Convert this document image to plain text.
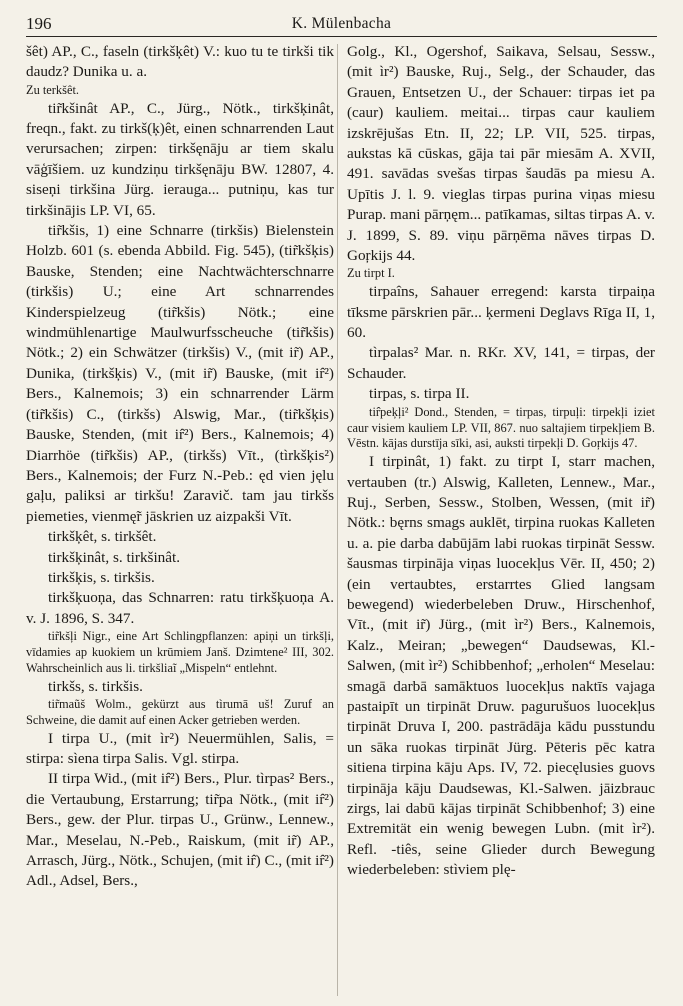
196	K. Mülenbacha

šêt) AP., C., faseln (tirkšķêt) V.: kuo tu te tirkši tik daudz? Dunika u. a.

Zu terkšêt.

tir̃kšinât AP., C., Jürg., Nötk., tirkšķinât, freqn., fakt. zu tirkš(ķ)êt, einen schnarrenden Laut verursachen; zirpen: tirkšęnāju ar tiem skalu vāģīšiem. uz kundziņu tirkšęnāju BW. 12807, 4. siseņi tirkšina Jürg. ierauga... putniņu, kas tur tirkšinājis LP. VI, 65.

tir̃kšis, 1) eine Schnarre (tirkšis) Bielenstein Holzb. 601 (s. ebenda Abbild. Fig. 545), (tir̃kšķis) Bauske, Stenden; eine Nachtwächterschnarre (tirkšis) U.; eine Art schnarrendes Kinderspielzeug (tir̃kšis) Nötk.; eine windmühlenartige Maulwurfsscheuche (tir̃kšis) Nötk.; 2) ein Schwätzer (tirkšis) V., (mit ir̃) AP., Dunika, (tirkšķis) V., (mit ir̃) Bauske, (mit ir̂²) Bers., Kalnemois; 3) ein schnarrender Lärm (tir̃kšis) C., (tirkšs) Alswig, Mar., (tir̃kšķis) Bauske, Stenden, (mit ir̂²) Bers., Kalnemois; 4) Diarrhöe (tir̃kšis) AP., (tirkšs) Vīt., (tìrkšķis²) Bers., Kalnemois; der Furz N.-Peb.: ęd vien jęlu gaļu, paliksi ar tirkšu! Zaravič. tam jau tirkšs piemeties, vienmę̃r jāskrien uz aizpakši Vīt.

tirkšķêt, s. tirkšêt.

tirkšķinât, s. tirkšinât.

tirkšķis, s. tirkšis.

tirkšķuoņa, das Schnarren: ratu tirkšķuoņa A. v. J. 1896, S. 347.

tir̃kšļi Nigr., eine Art Schlingpflanzen: apiņi un tirkšļi, vīdamies ap kuokiem un krūmiem Janš. Dzimtene² III, 302. Wahrscheinlich aus li. tirkšliaĩ „Mispeln“ entlehnt.

tirkšs, s. tirkšis.

tir̃maũš Wolm., gekürzt aus tìrumā uš! Zuruf an Schweine, die damit auf einen Acker getrieben werden.

I tirpa U., (mit ìr²) Neuermühlen, Salis, = stirpa: sìena tirpa Salis. Vgl. stirpa.

II tirpa Wid., (mit ir̂²) Bers., Plur. tìrpas² Bers., die Vertaubung, Erstarrung; tir̃pa Nötk., (mit ir̂²) Bers., gew. der Plur. tirpas U., Grünw., Lennew., Mar., Meselau, N.-Peb., Raiskum, (mit ir̃) AP., Arrasch, Jürg., Nötk., Schujen, (mit ir̂) C., (mit ir̂²) Adl., Adsel, Bers.,

Golg., Kl., Ogershof, Saikava, Selsau, Sessw., (mit ìr²) Bauske, Ruj., Selg., der Schauder, das Grauen, Entsetzen U., der Schauer: tirpas iet pa (caur) kauliem. meitai... tirpas caur kauliem izskrējušas Etn. II, 22; LP. VII, 525. tirpas, aukstas kā cūskas, gāja tai pār miesām A. XVII, 491. savādas svešas tirpas šaudās pa miesu A. Upītis J. l. 9. vieglas tirpas purina viņas miesu Purap. mani pārņęm... patīkamas, siltas tirpas A. v. J. 1899, S. 89. viņu pārņēma nāves tirpas D. Goŗkijs 44.

Zu tirpt I.

tirpaîns, Sahauer erregend: karsta tirpaiņa tīksme pārskrien pār... ķermeni Deglavs Rīga II, 1, 60.

tìrpalas² Mar. n. RKr. XV, 141, = tirpas, der Schauder.

tirpas, s. tirpa II.

tir̂peķļi² Dond., Stenden, = tirpas, tirpuļi: tirpekļi iziet caur visiem kauliem LP. VII, 867. nuo saltajiem tirpekļiem B. Vēstn. kājas durstīja sīki, asi, auksti tirpekļi D. Goŗkijs 47.

I tirpinât, 1) fakt. zu tirpt I, starr machen, vertauben (tr.) Alswig, Kalleten, Lennew., Mar., Ruj., Serben, Sessw., Stolben, Wessen, (mit ir̃) Nötk.: bęrns smags auklēt, tirpina ruokas Kalleten u. a. pie darba dabūjām labi ruokas tirpināt Sessw. šausmas tirpināja viņas luocekļus Vēr. II, 450; 2) (ein vertaubtes, erstarrtes Glied langsam bewegend) wiederbeleben Druw., Hirschenhof, Vīt., (mit ir̃) Jürg., (mit ìr²) Bers., Kalnemois, Kalz., Meiran; „bewegen“ Daudsewas, Kl.-Salwen, (mit ìr²) Schibbenhof; „erholen“ Meselau: smagā darbā samāktuos luocekļus naktīs vajaga pastaipīt un tirpināt Druw. pagurušuos luocekļus tirpināt Druva I, 200. pastrādāja kādu pusstundu un sāka ruokas tirpināt Jürg. Pēteris pēc katra sitiena tirpina kāju Aps. IV, 72. piecęlusies guovs tirpināja kāju Daudsewas, Kl.-Salwen. jāizbrauc zirgs, lai dabū kājas tirpināt Schibbenhof; 3) eine Extremität ein wenig bewegen Lubn. (mit ìr²). Refl. -tiês, seine Glieder durch Bewegung wiederbeleben: stìviem plę-
